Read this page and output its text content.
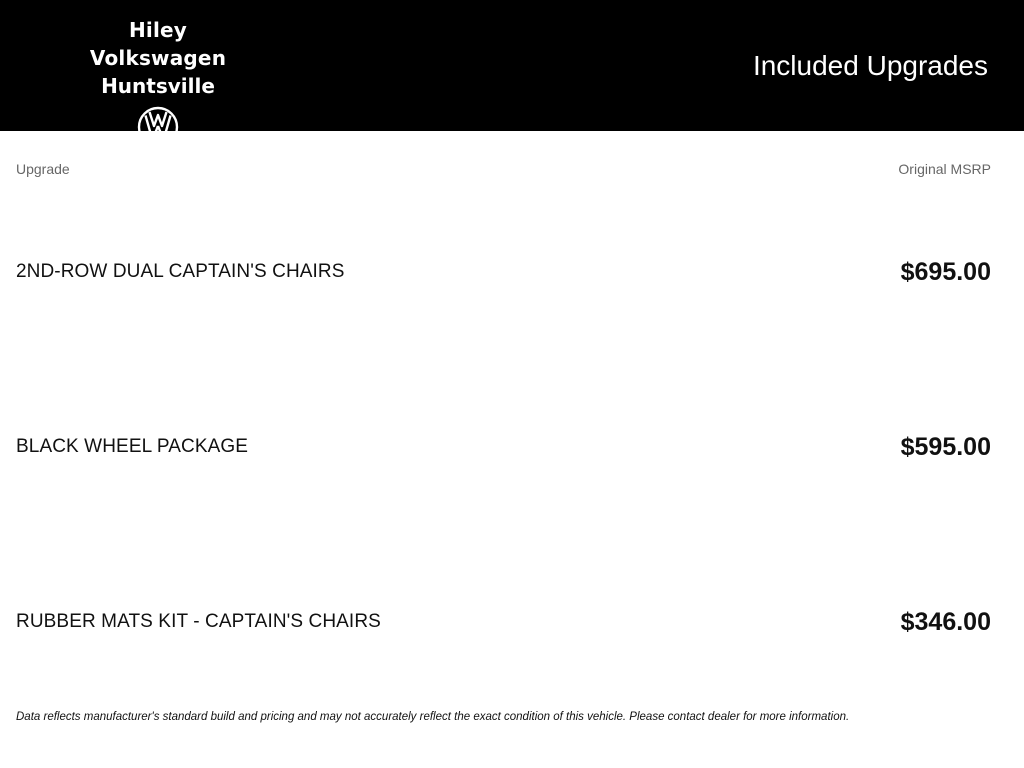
Hiley Volkswagen
Huntsville
Included Upgrades
Upgrade	Original MSRP
2ND-ROW DUAL CAPTAIN'S CHAIRS	$695.00
BLACK WHEEL PACKAGE	$595.00
RUBBER MATS KIT - CAPTAIN'S CHAIRS	$346.00
Data reflects manufacturer's standard build and pricing and may not accurately reflect the exact condition of this vehicle. Please contact dealer for more information.
